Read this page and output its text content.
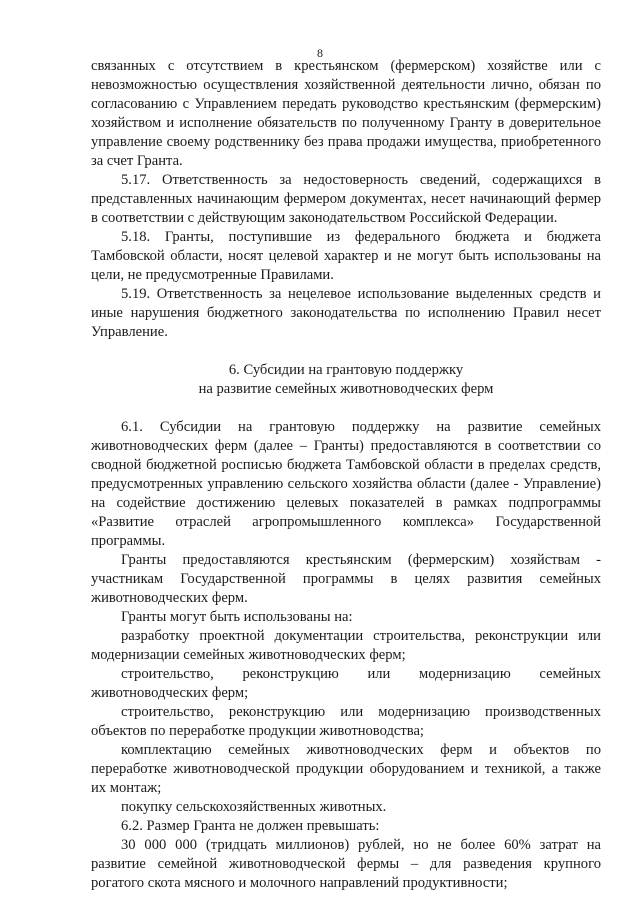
8

связанных с отсутствием в крестьянском (фермерском) хозяйстве или с невозможностью осуществления хозяйственной деятельности лично, обязан по согласованию с Управлением передать руководство крестьянским (фермерским) хозяйством и исполнение обязательств по полученному Гранту в доверительное управление своему родственнику без права продажи имущества, приобретенного за счет Гранта.

5.17. Ответственность за недостоверность сведений, содержащихся в представленных начинающим фермером документах, несет начинающий фермер в соответствии с действующим законодательством Российской Федерации.

5.18. Гранты, поступившие из федерального бюджета и бюджета Тамбовской области, носят целевой характер и не могут быть использованы на цели, не предусмотренные Правилами.

5.19. Ответственность за нецелевое использование выделенных средств и иные нарушения бюджетного законодательства по исполнению Правил несет Управление.

6. Субсидии на грантовую поддержку
на развитие семейных животноводческих ферм

6.1. Субсидии на грантовую поддержку на развитие семейных животноводческих ферм (далее – Гранты) предоставляются в соответствии со сводной бюджетной росписью бюджета Тамбовской области в пределах средств, предусмотренных управлению сельского хозяйства области (далее - Управление) на содействие достижению целевых показателей в рамках подпрограммы «Развитие отраслей агропромышленного комплекса» Государственной программы.

Гранты предоставляются крестьянским (фермерским) хозяйствам - участникам Государственной программы в целях развития семейных животноводческих ферм.

Гранты могут быть использованы на:

разработку проектной документации строительства, реконструкции или модернизации семейных животноводческих ферм;

строительство, реконструкцию или модернизацию семейных животноводческих ферм;

строительство, реконструкцию или модернизацию производственных объектов по переработке продукции животноводства;

комплектацию семейных животноводческих ферм и объектов по переработке животноводческой продукции оборудованием и техникой, а также их монтаж;

покупку сельскохозяйственных животных.

6.2. Размер Гранта не должен превышать:

30 000 000 (тридцать миллионов) рублей, но не более 60% затрат на развитие семейной животноводческой фермы – для разведения крупного рогатого скота мясного и молочного направлений продуктивности;
